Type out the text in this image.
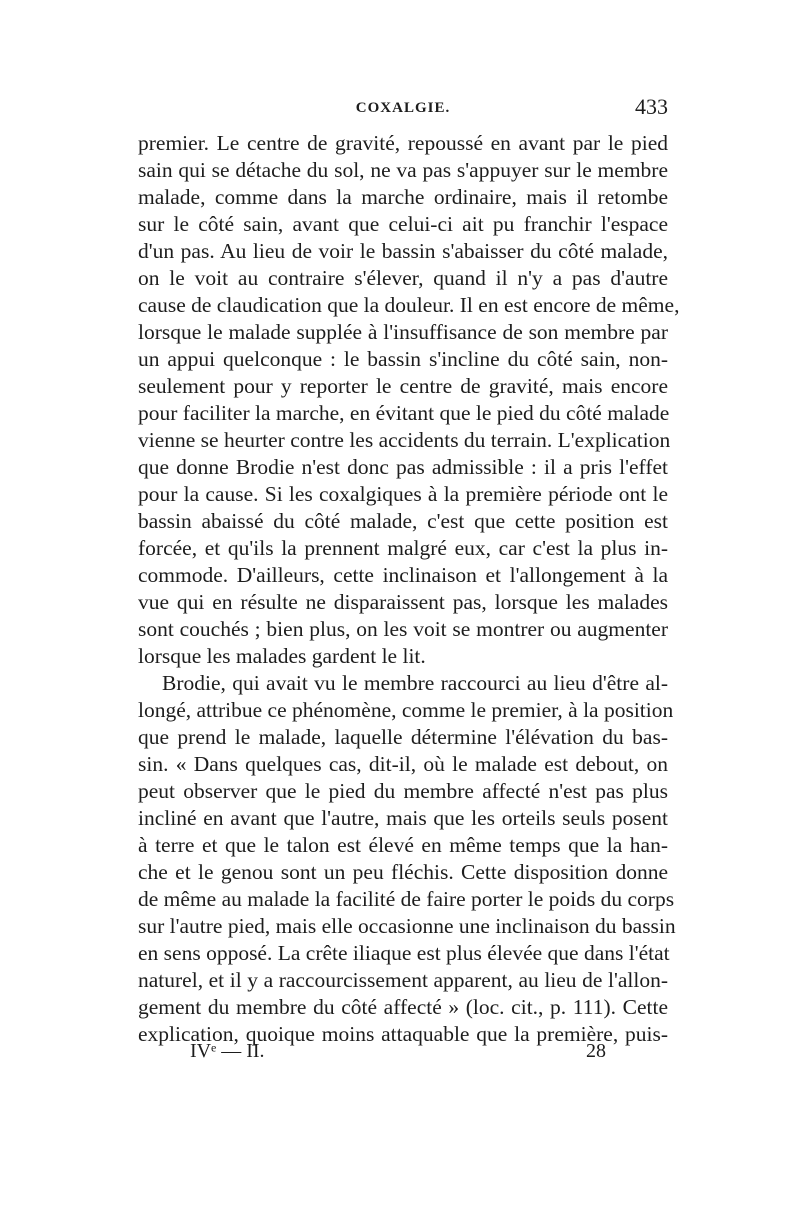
COXALGIE.	433
premier. Le centre de gravité, repoussé en avant par le pied
sain qui se détache du sol, ne va pas s'appuyer sur le membre
malade, comme dans la marche ordinaire, mais il retombe
sur le côté sain, avant que celui-ci ait pu franchir l'espace
d'un pas. Au lieu de voir le bassin s'abaisser du côté malade,
on le voit au contraire s'élever, quand il n'y a pas d'autre
cause de claudication que la douleur. Il en est encore de même,
lorsque le malade supplée à l'insuffisance de son membre par
un appui quelconque : le bassin s'incline du côté sain, non-
seulement pour y reporter le centre de gravité, mais encore
pour faciliter la marche, en évitant que le pied du côté malade
vienne se heurter contre les accidents du terrain. L'explication
que donne Brodie n'est donc pas admissible : il a pris l'effet
pour la cause. Si les coxalgiques à la première période ont le
bassin abaissé du côté malade, c'est que cette position est
forcée, et qu'ils la prennent malgré eux, car c'est la plus in-
commode. D'ailleurs, cette inclinaison et l'allongement à la
vue qui en résulte ne disparaissent pas, lorsque les malades
sont couchés ; bien plus, on les voit se montrer ou augmenter
lorsque les malades gardent le lit.
Brodie, qui avait vu le membre raccourci au lieu d'être al-
longé, attribue ce phénomène, comme le premier, à la position
que prend le malade, laquelle détermine l'élévation du bas-
sin. « Dans quelques cas, dit-il, où le malade est debout, on
peut observer que le pied du membre affecté n'est pas plus
incliné en avant que l'autre, mais que les orteils seuls posent
à terre et que le talon est élevé en même temps que la han-
che et le genou sont un peu fléchis. Cette disposition donne
de même au malade la facilité de faire porter le poids du corps
sur l'autre pied, mais elle occasionne une inclinaison du bassin
en sens opposé. La crête iliaque est plus élevée que dans l'état
naturel, et il y a raccourcissement apparent, au lieu de l'allon-
gement du membre du côté affecté » (loc. cit., p. 111). Cette
explication, quoique moins attaquable que la première, puis-
IVᵉ — II.	28
